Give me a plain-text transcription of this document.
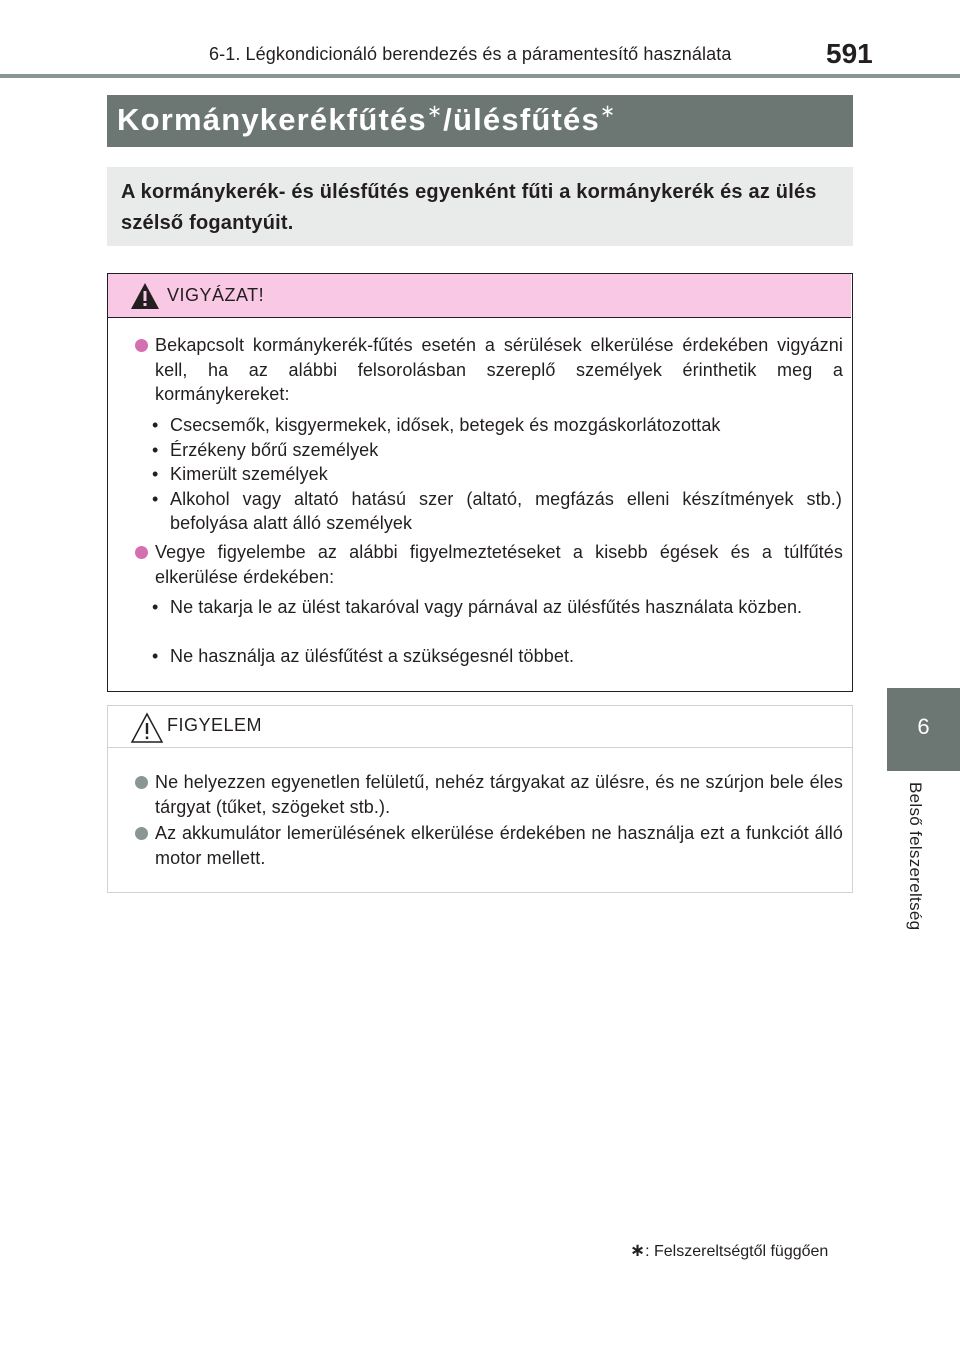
6-1. Légkondicionáló berendezés és a páramentesítő használata	591
6
Belső felszereltség
Kormánykerékfűtés∗/ülésfűtés∗
A kormánykerék- és ülésfűtés egyenként fűti a kormánykerék és az ülés szélső fogantyúit.
VIGYÁZAT!
Bekapcsolt kormánykerék-fűtés esetén a sérülések elkerülése érdekében vigyázni kell, ha az alábbi felsorolásban szereplő személyek érinthetik meg a kormánykereket:
• Csecsemők, kisgyermekek, idősek, betegek és mozgáskorlátozottak
• Érzékeny bőrű személyek
• Kimerült személyek
• Alkohol vagy altató hatású szer (altató, megfázás elleni készítmények stb.) befolyása alatt álló személyek
Vegye figyelembe az alábbi figyelmeztetéseket a kisebb égések és a túlfűtés elkerülése érdekében:
• Ne takarja le az ülést takaróval vagy párnával az ülésfűtés használata közben.
• Ne használja az ülésfűtést a szükségesnél többet.
FIGYELEM
Ne helyezzen egyenetlen felületű, nehéz tárgyakat az ülésre, és ne szúrjon bele éles tárgyat (tűket, szögeket stb.).
Az akkumulátor lemerülésének elkerülése érdekében ne használja ezt a funkciót álló motor mellett.
∗: Felszereltségtől függően
